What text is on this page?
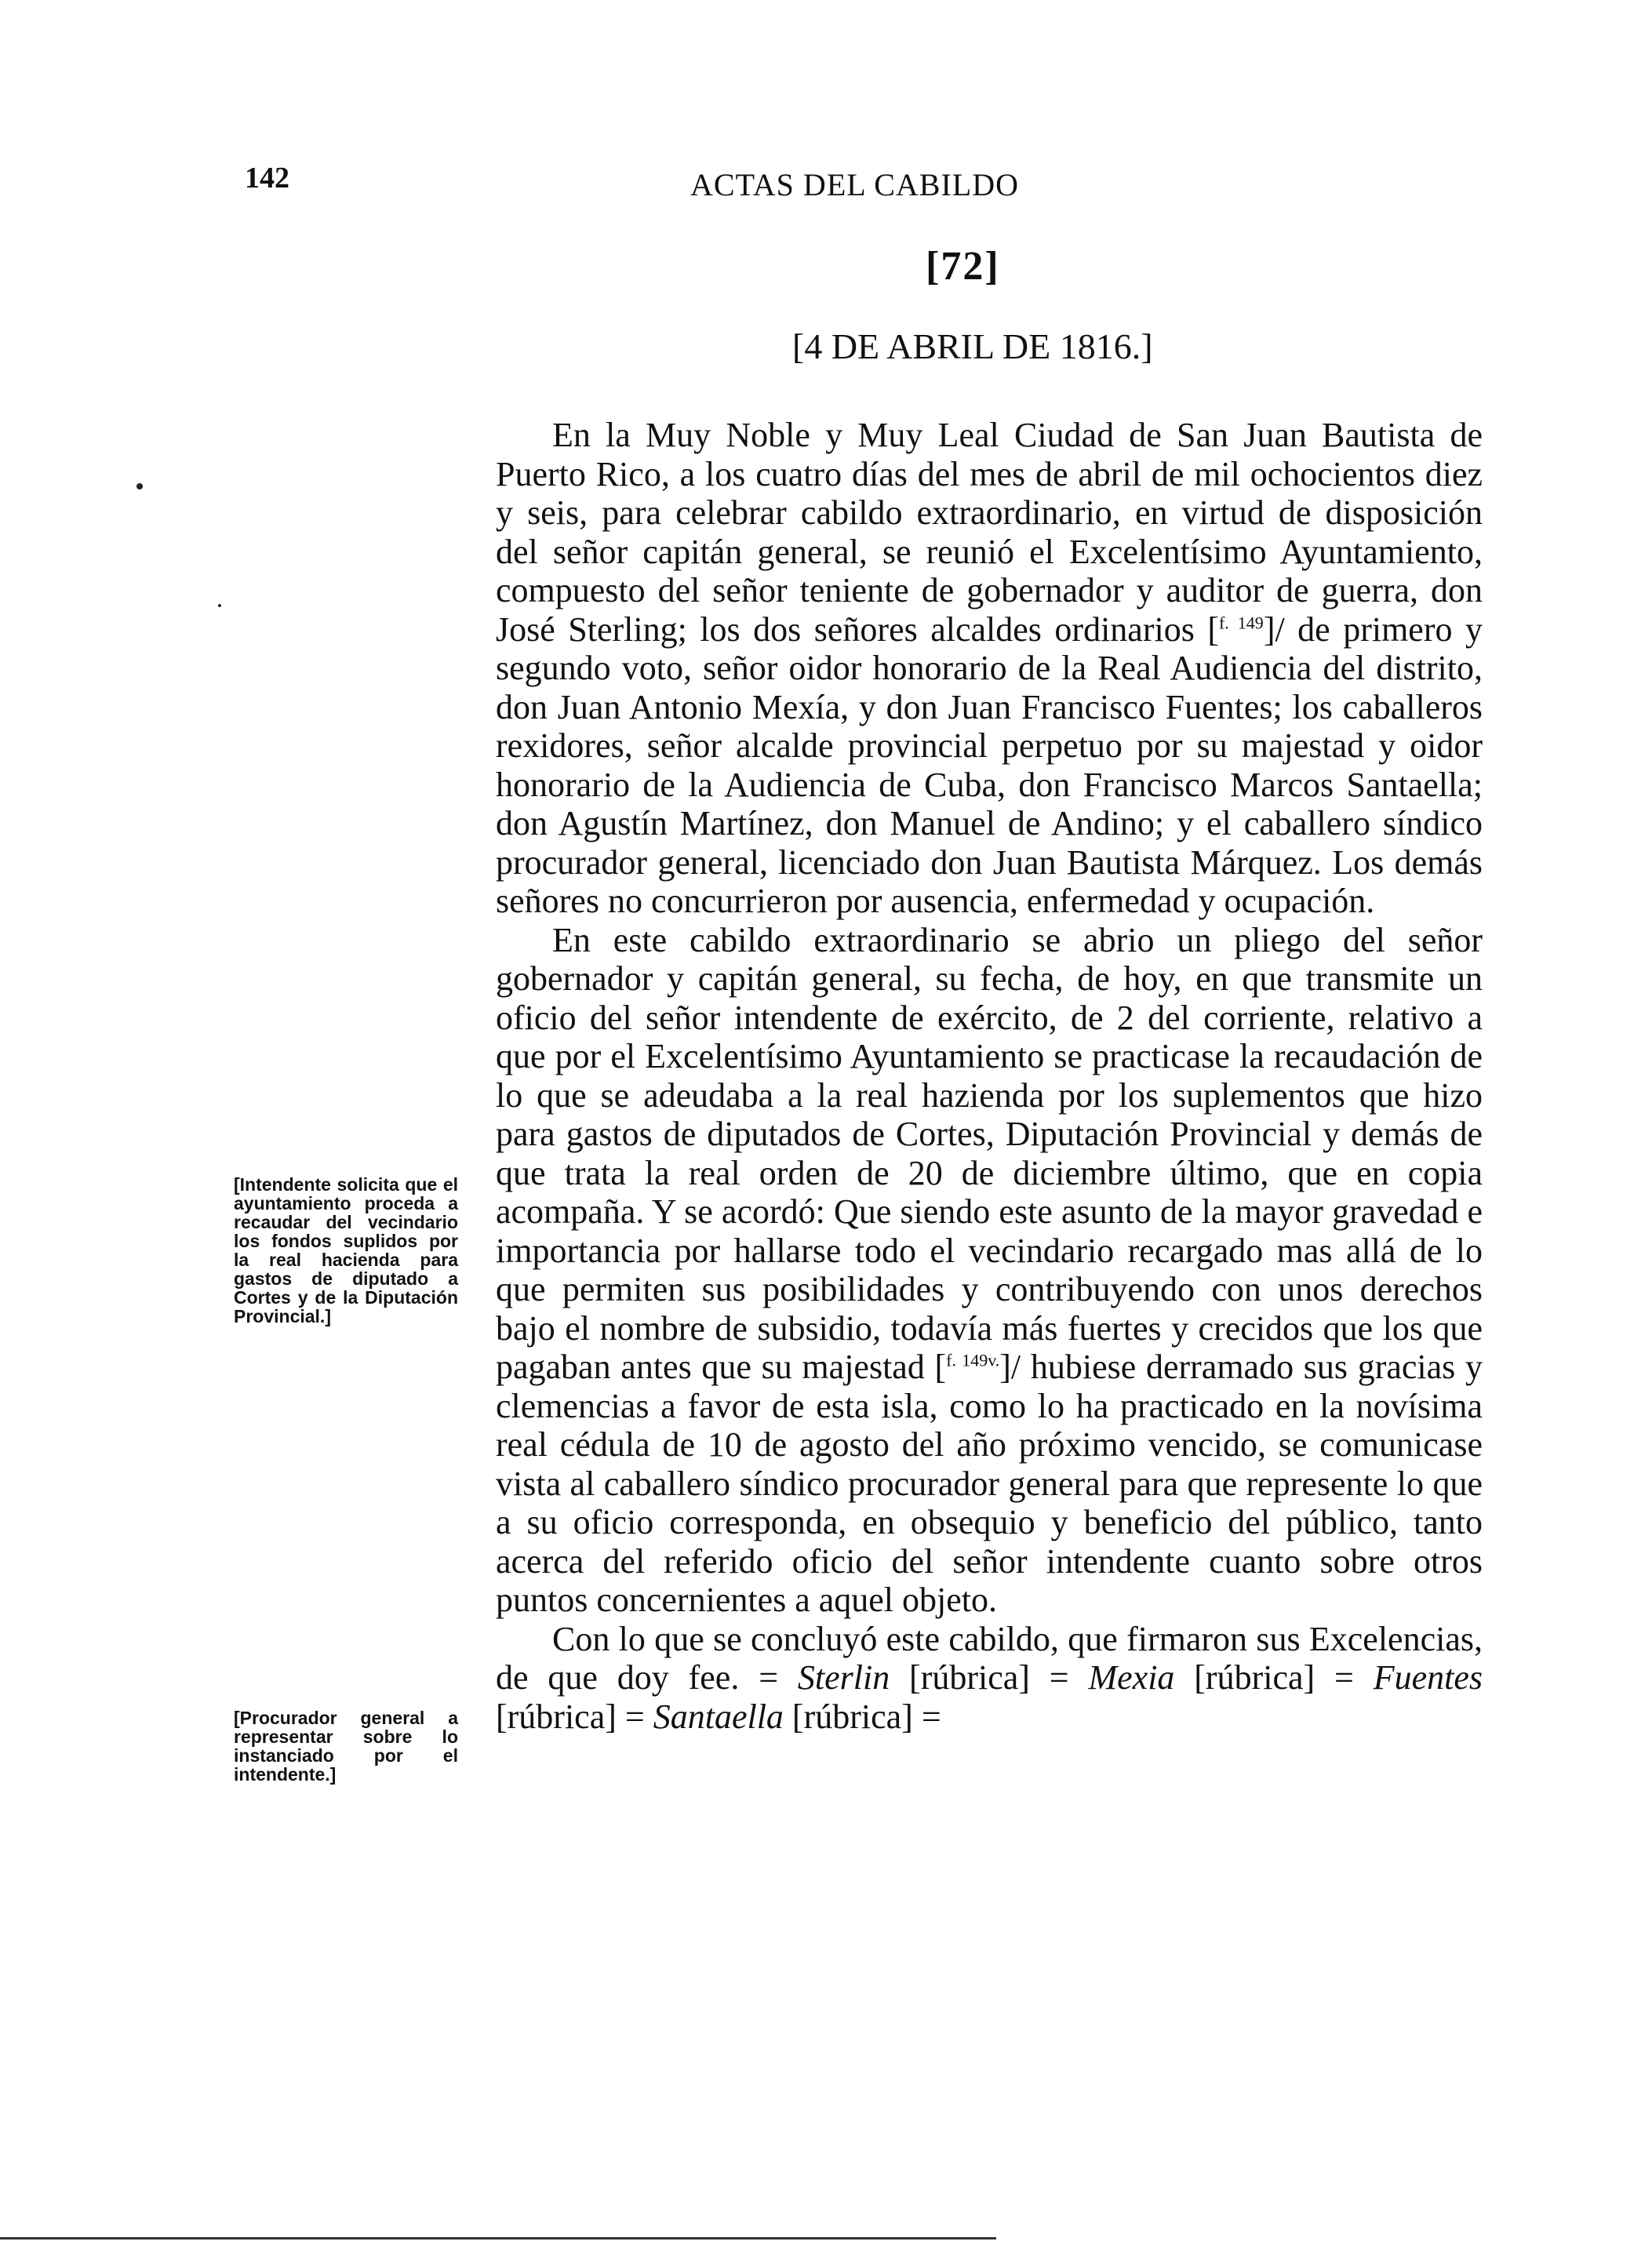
142	ACTAS DEL CABILDO
[72]
[4 DE ABRIL DE 1816.]

En la Muy Noble y Muy Leal Ciudad de San Juan Bautista de Puerto Rico, a los cuatro días del mes de abril de mil ochocientos diez y seis, para celebrar cabildo extraordinario, en virtud de disposición del señor capitán general, se reunió el Excelentísimo Ayuntamiento, compuesto del señor teniente de gobernador y auditor de guerra, don José Sterling; los dos señores alcaldes ordinarios [$^{f. 149}$]/ de primero y segundo voto, señor oidor honorario de la Real Audiencia del distrito, don Juan Antonio Mexía, y don Juan Francisco Fuentes; los caballeros rexidores, señor alcalde provincial perpetuo por su majestad y oidor honorario de la Audiencia de Cuba, don Francisco Marcos Santaella; don Agustín Martínez, don Manuel de Andino; y el caballero síndico procurador general, licenciado don Juan Bautista Márquez. Los demás señores no concurrieron por ausencia, enfermedad y ocupación.

En este cabildo extraordinario se abrio un pliego del señor gobernador y capitán general, su fecha, de hoy, en que transmite un oficio del señor intendente de exército, de 2 del corriente, relativo a que por el Excelentísimo Ayuntamiento se practicase la recaudación de lo que se adeudaba a la real hazienda por los suplementos que hizo para gastos de diputados de Cortes, Diputación Provincial y demás de que trata la real orden de 20 de diciembre último, que en copia acompaña. Y se acordó: Que siendo este asunto de la mayor gravedad e importancia por hallarse todo el vecindario recargado mas allá de lo que permiten sus posibilidades y contribuyendo con unos derechos bajo el nombre de subsidio, todavía más fuertes y crecidos que los que pagaban antes que su majestad [$^{f. 149v.}$]/ hubiese derramado sus gracias y clemencias a favor de esta isla, como lo ha practicado en la novísima real cédula de 10 de agosto del año próximo vencido, se comunicase vista al caballero síndico procurador general para que represente lo que a su oficio corresponda, en obsequio y beneficio del público, tanto acerca del referido oficio del señor intendente cuanto sobre otros puntos concernientes a aquel objeto.

Con lo que se concluyó este cabildo, que firmaron sus Excelencias, de que doy fee. = Sterlin [rúbrica] = Mexia [rúbrica] = Fuentes [rúbrica] = Santaella [rúbrica] =

[Intendente solicita que el ayuntamiento proceda a recaudar del vecindario los fondos suplidos por la real hacienda para gastos de diputado a Cortes y de la Diputación Provincial.]
[Procurador general a representar sobre lo instanciado por el intendente.]
